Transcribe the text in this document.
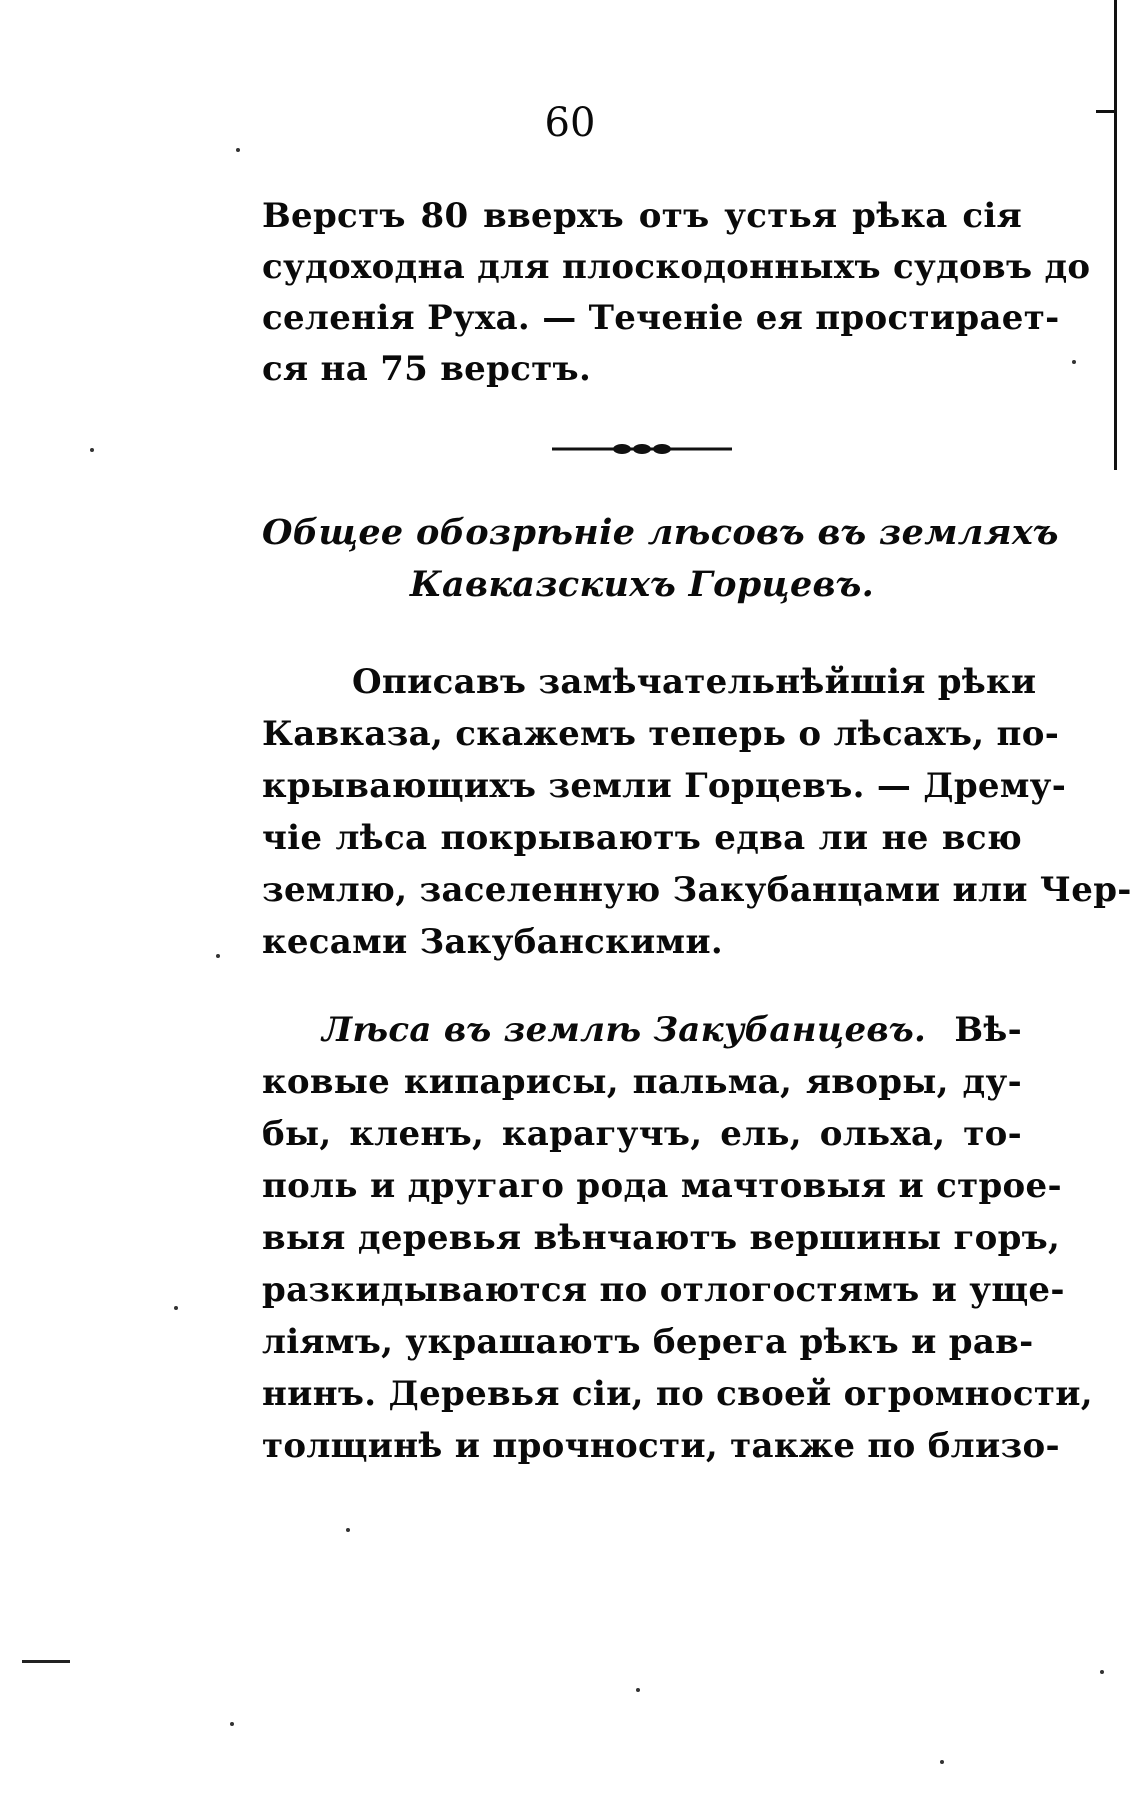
60
Верстъ 80 вверхъ отъ устья рѣка сія
судоходна для плоскодонныхъ судовъ до
селенія Руха. — Теченіе ея простирает-
ся на 75 верстъ.
Общее обозрѣніе лѣсовъ въ земляхъ
Кавказскихъ Горцевъ.
Описавъ замѣчательнѣйшія рѣки
Кавказа, скажемъ теперь о лѣсахъ, по-
крывающихъ земли Горцевъ. — Дрему-
чіе лѣса покрываютъ едва ли не всю
землю, заселенную Закубанцами или Чер-
кесами Закубанскими.
Лѣса въ землѣ Закубанцевъ. Вѣ-
ковые кипарисы, пальма, яворы, ду-
бы, кленъ, карагучъ, ель, ольха, то-
поль и другаго рода мачтовыя и строе-
выя деревья вѣнчаютъ вершины горъ,
разкидываются по отлогостямъ и уще-
ліямъ, украшаютъ берега рѣкъ и рав-
нинъ. Деревья сіи, по своей огромности,
толщинѣ и прочности, также по близо-
